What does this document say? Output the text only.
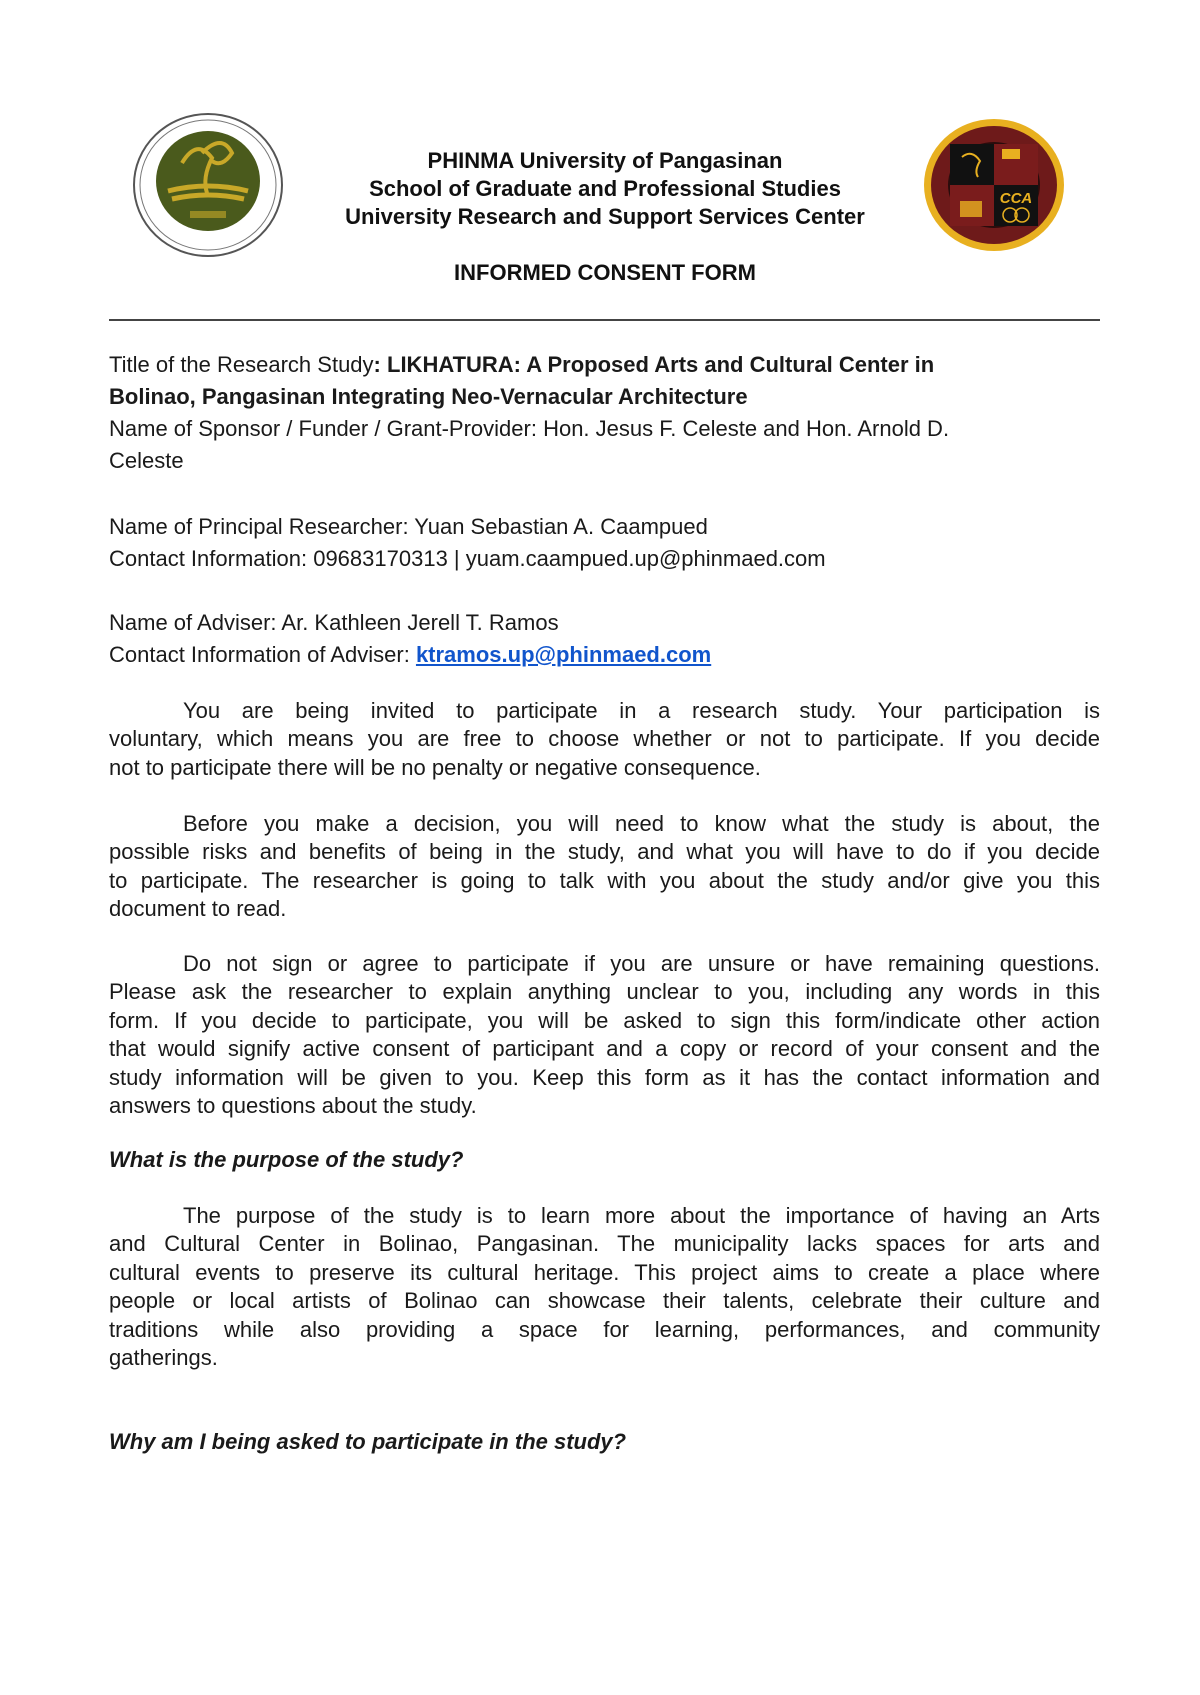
PHINMA University of Pangasinan
School of Graduate and Professional Studies
University Research and Support Services Center
INFORMED CONSENT FORM
CCA
Title of the Research Study: LIKHATURA: A Proposed Arts and Cultural Center in
Bolinao, Pangasinan Integrating Neo-Vernacular Architecture
Name of Sponsor / Funder / Grant-Provider: Hon. Jesus F. Celeste and Hon. Arnold D.
Celeste
Name of Principal Researcher: Yuan Sebastian A. Caampued
Contact Information: 09683170313 | yuam.caampued.up@phinmaed.com
Name of Adviser: Ar. Kathleen Jerell T. Ramos
Contact Information of Adviser: ktramos.up@phinmaed.com
You are being invited to participate in a research study. Your participation is
voluntary, which means you are free to choose whether or not to participate. If you decide
not to participate there will be no penalty or negative consequence.
Before you make a decision, you will need to know what the study is about, the
possible risks and benefits of being in the study, and what you will have to do if you decide
to participate. The researcher is going to talk with you about the study and/or give you this
document to read.
Do not sign or agree to participate if you are unsure or have remaining questions.
Please ask the researcher to explain anything unclear to you, including any words in this
form. If you decide to participate, you will be asked to sign this form/indicate other action
that would signify active consent of participant and a copy or record of your consent and the
study information will be given to you. Keep this form as it has the contact information and
answers to questions about the study.
What is the purpose of the study?
The purpose of the study is to learn more about the importance of having an Arts
and Cultural Center in Bolinao, Pangasinan. The municipality lacks spaces for arts and
cultural events to preserve its cultural heritage. This project aims to create a place where
people or local artists of Bolinao can showcase their talents, celebrate their culture and
traditions while also providing a space for learning, performances, and community
gatherings.
Why am I being asked to participate in the study?
